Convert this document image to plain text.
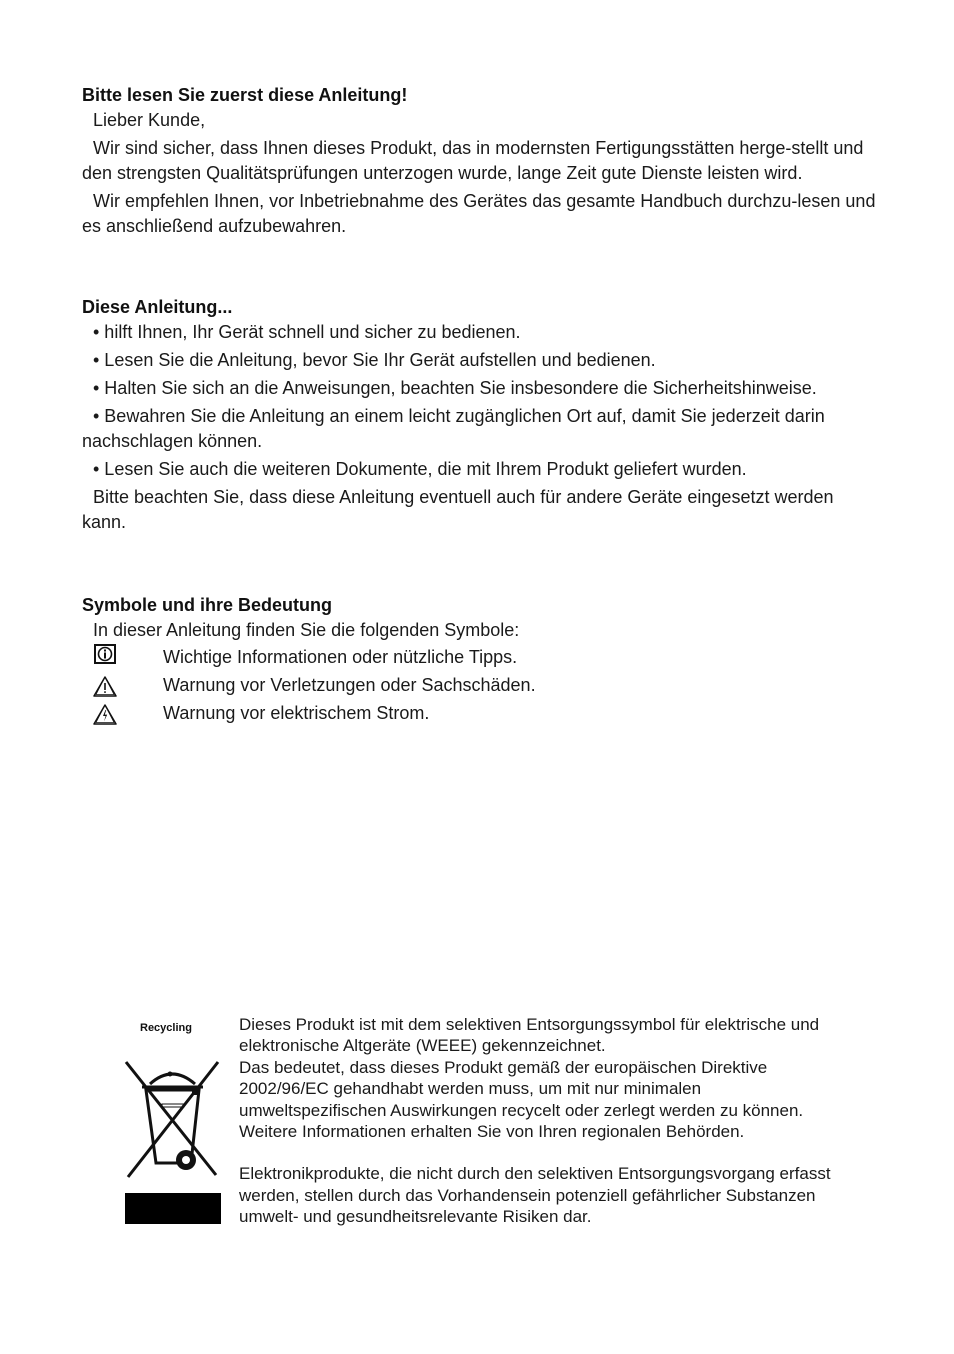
Bitte lesen Sie zuerst diese Anleitung!

Lieber Kunde,

Wir sind sicher, dass Ihnen dieses Produkt, das in modernsten Fertigungsstätten herge-stellt und den strengsten Qualitätsprüfungen unterzogen wurde, lange Zeit gute Dienste leisten wird.

Wir empfehlen Ihnen, vor Inbetriebnahme des Gerätes das gesamte Handbuch durchzu-lesen und es anschließend aufzubewahren.

Diese Anleitung...

• hilft Ihnen, Ihr Gerät schnell und sicher zu bedienen.

• Lesen Sie die Anleitung, bevor Sie Ihr Gerät aufstellen und bedienen.

• Halten Sie sich an die Anweisungen, beachten Sie insbesondere die Sicherheitshinweise.

• Bewahren Sie die Anleitung an einem leicht zugänglichen Ort auf, damit Sie jederzeit darin nachschlagen können.

• Lesen Sie auch die weiteren Dokumente, die mit Ihrem Produkt geliefert wurden.

Bitte beachten Sie, dass diese Anleitung eventuell auch für andere Geräte eingesetzt werden kann.

Symbole und ihre Bedeutung

In dieser Anleitung finden Sie die folgenden Symbole:

Wichtige Informationen oder nützliche Tipps.
Warnung vor Verletzungen oder Sachschäden.
Warnung vor elektrischem Strom.
Recycling	Dieses Produkt ist mit dem selektiven Entsorgungssymbol für elektrische und elektronische Altgeräte (WEEE) gekennzeichnet.

Das bedeutet, dass dieses Produkt gemäß der europäischen Direktive 2002/96/EC gehandhabt werden muss, um mit nur minimalen umweltspezifischen Auswirkungen recycelt oder zerlegt werden zu können. Weitere Informationen erhalten Sie von Ihren regionalen Behörden.

Elektronikprodukte, die nicht durch den selektiven Entsorgungsvorgang erfasst werden, stellen durch das Vorhandensein potenziell gefährlicher Substanzen umwelt- und gesundheitsrelevante Risiken dar.
